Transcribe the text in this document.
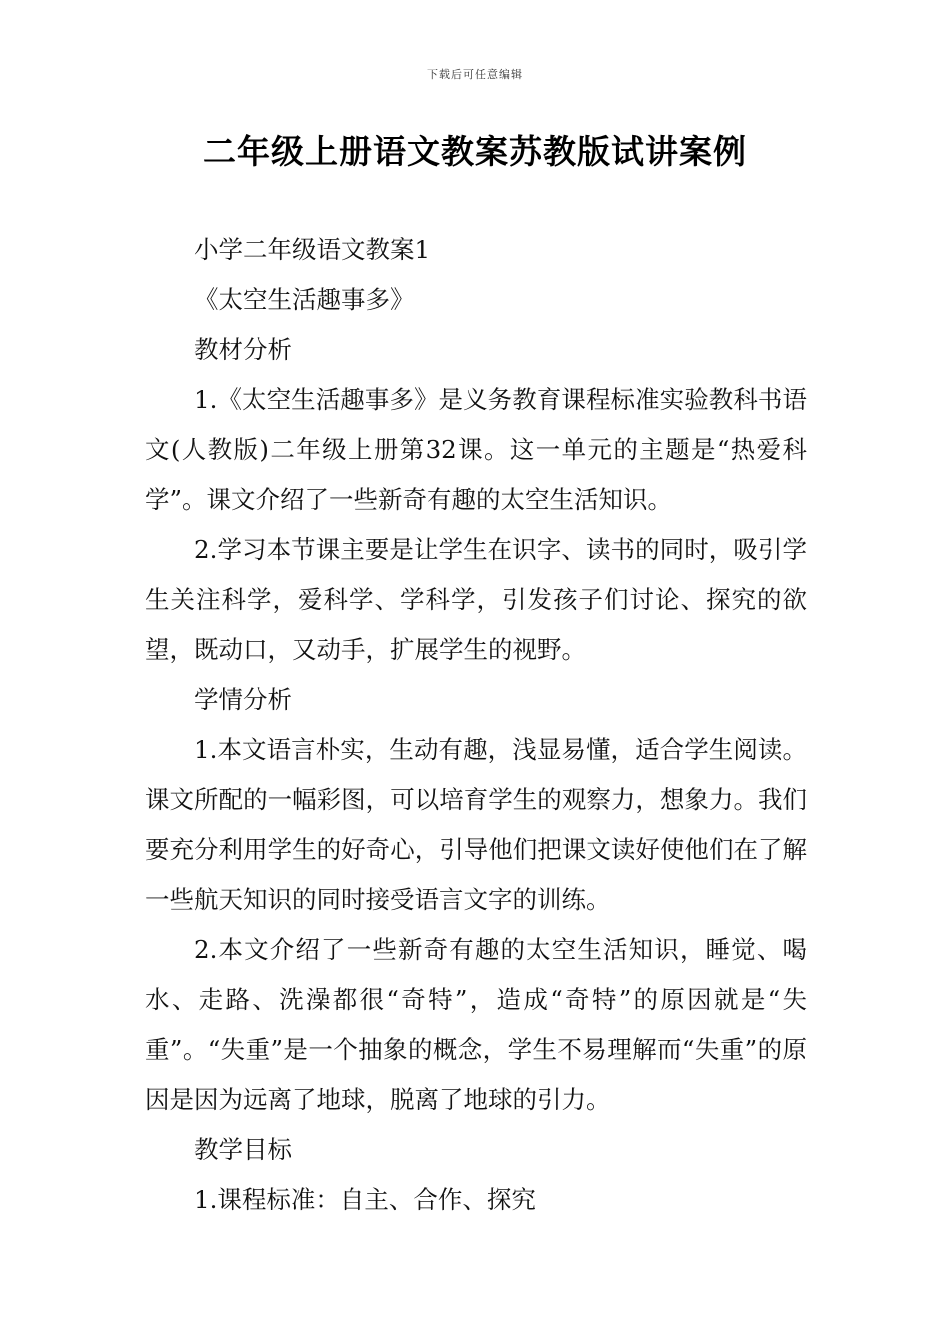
下载后可任意编辑
二年级上册语文教案苏教版试讲案例

小学二年级语文教案1

《太空生活趣事多》

教材分析

1.《太空生活趣事多》是义务教育课程标准实验教科书语文(人教版)二年级上册第32课。这一单元的主题是“热爱科学”。课文介绍了一些新奇有趣的太空生活知识。

2.学习本节课主要是让学生在识字、读书的同时，吸引学生关注科学，爱科学、学科学，引发孩子们讨论、探究的欲望，既动口，又动手，扩展学生的视野。

学情分析

1.本文语言朴实，生动有趣，浅显易懂，适合学生阅读。课文所配的一幅彩图，可以培育学生的观察力，想象力。我们要充分利用学生的好奇心，引导他们把课文读好使他们在了解一些航天知识的同时接受语言文字的训练。

2.本文介绍了一些新奇有趣的太空生活知识，睡觉、喝水、走路、洗澡都很“奇特”，造成“奇特”的原因就是“失重”。“失重”是一个抽象的概念，学生不易理解而“失重”的原因是因为远离了地球，脱离了地球的引力。

教学目标

1.课程标准：自主、合作、探究
